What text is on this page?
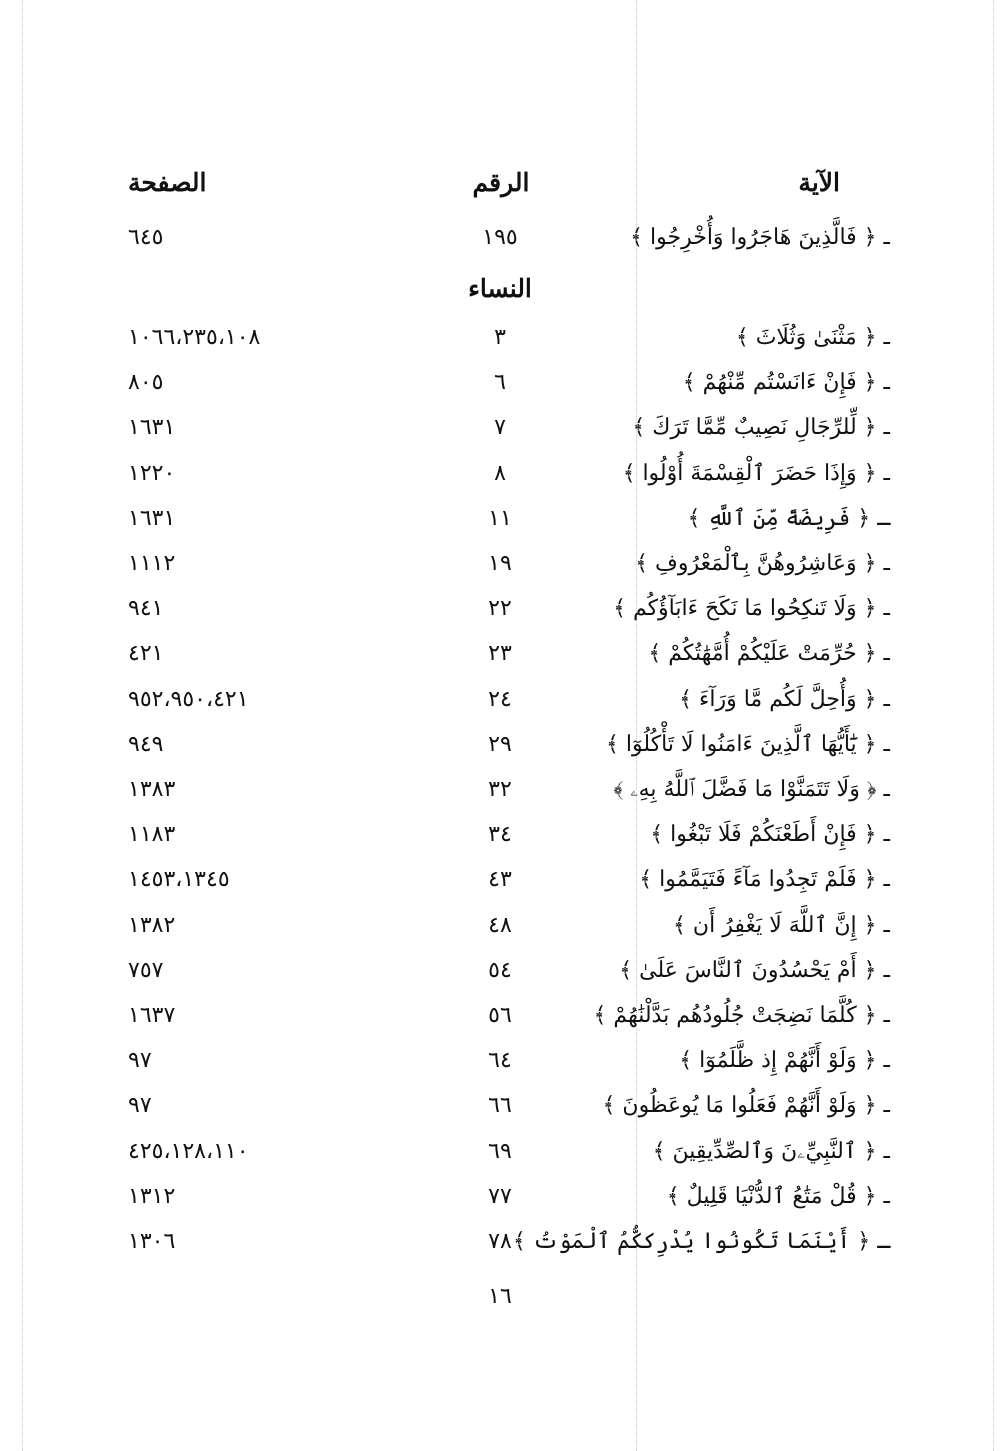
الآية
الرقم
الصفحة
ـ ﴿ فَالَّذِينَ هَاجَرُوا وَأُخْرِجُوا ﴾
١٩٥
٦٤٥
النساء
ـ ﴿ مَثْنَىٰ وَثُلَاثَ ﴾
٣
١٠٦٦،٢٣٥،١٠٨
ـ ﴿ فَإِنْ ءَانَسْتُم مِّنْهُمْ ﴾
٦
٨٠٥
ـ ﴿ لِّلرِّجَالِ نَصِيبٌ مِّمَّا تَرَكَ ﴾
٧
١٦٣١
ـ ﴿ وَإِذَا حَضَرَ ٱلْقِسْمَةَ أُوْلُوا ﴾
٨
١٢٢٠
ـ ﴿ فَرِيضَةً مِّنَ ٱللَّهِ ﴾
١١
١٦٣١
ـ ﴿ وَعَاشِرُوهُنَّ بِٱلْمَعْرُوفِ ﴾
١٩
١١١٢
ـ ﴿ وَلَا تَنكِحُوا مَا نَكَحَ ءَابَآؤُكُم ﴾
٢٢
٩٤١
ـ ﴿ حُرِّمَتْ عَلَيْكُمْ أُمَّهَٰتُكُمْ ﴾
٢٣
٤٢١
ـ ﴿ وَأُحِلَّ لَكُم مَّا وَرَآءَ ﴾
٢٤
٩٥٢،٩٥٠،٤٢١
ـ ﴿ يَٰٓأَيُّهَا ٱلَّذِينَ ءَامَنُوا لَا تَأْكُلُوٓا ﴾
٢٩
٩٤٩
ـ ﴿ وَلَا تَتَمَنَّوْا مَا فَضَّلَ ٱللَّهُ بِهِۦ ﴾
٣٢
١٣٨٣
ـ ﴿ فَإِنْ أَطَعْنَكُمْ فَلَا تَبْغُوا ﴾
٣٤
١١٨٣
ـ ﴿ فَلَمْ تَجِدُوا مَآءً فَتَيَمَّمُوا ﴾
٤٣
١٤٥٣،١٣٤٥
ـ ﴿ إِنَّ ٱللَّهَ لَا يَغْفِرُ أَن ﴾
٤٨
١٣٨٢
ـ ﴿ أَمْ يَحْسُدُونَ ٱلنَّاسَ عَلَىٰ ﴾
٥٤
٧٥٧
ـ ﴿ كُلَّمَا نَضِجَتْ جُلُودُهُم بَدَّلْنَٰهُمْ ﴾
٥٦
١٦٣٧
ـ ﴿ وَلَوْ أَنَّهُمْ إِذ ظَّلَمُوٓا ﴾
٦٤
٩٧
ـ ﴿ وَلَوْ أَنَّهُمْ فَعَلُوا مَا يُوعَظُونَ ﴾
٦٦
٩٧
ـ ﴿ ٱلنَّبِيِّۦنَ وَٱلصِّدِّيقِينَ ﴾
٦٩
٤٢٥،١٢٨،١١٠
ـ ﴿ قُلْ مَتَٰعُ ٱلدُّنْيَا قَلِيلٌ ﴾
٧٧
١٣١٢
ـ ﴿ أَيْنَمَا تَكُونُوا يُدْرِككُّمُ ٱلْمَوْتُ ﴾
٧٨
١٣٠٦
١٦
